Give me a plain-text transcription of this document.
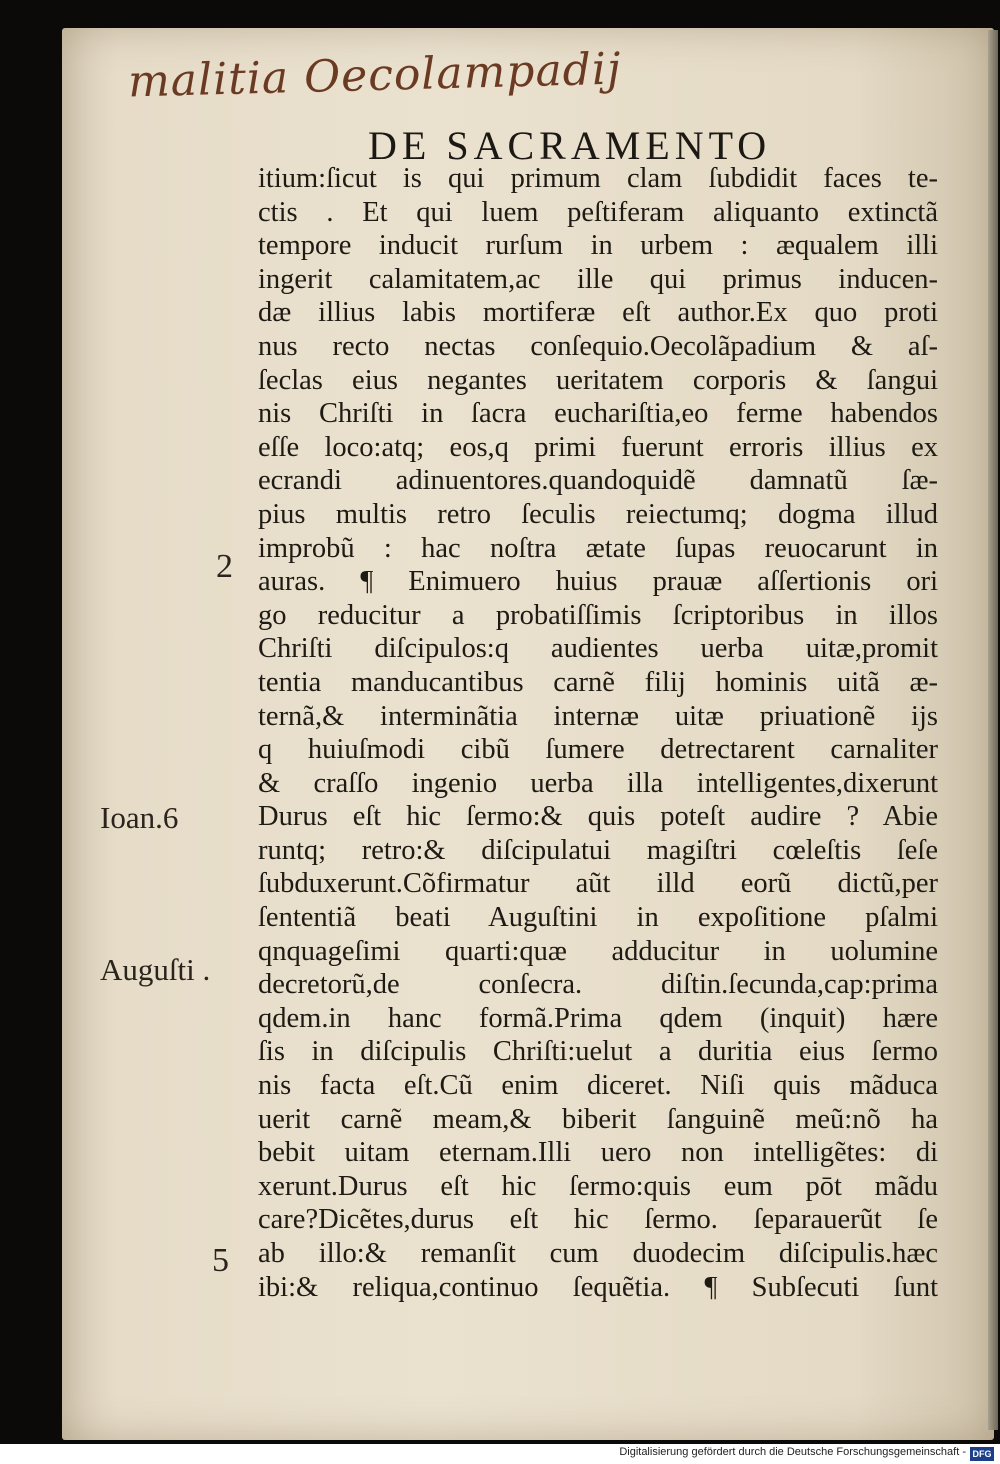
malitia Oecolampadij
DE SACRAMENTO
itium:ſicut is qui primum clam ſubdidit faces te-
ctis . Et qui luem peſtiferam aliquanto extinctã
tempore inducit rurſum in urbem : æqualem illi
ingerit calamitatem,ac ille qui primus inducen-
dæ illius labis mortiferæ eſt author.Ex quo proti
nus recto nectas conſequio.Oecolãpadium & aſ-
ſeclas eius negantes ueritatem corporis & ſangui
nis Chriſti in ſacra euchariſtia,eo ferme habendos
eſſe loco:atq; eos,q primi fuerunt erroris illius ex
ecrandi adinuentores.quandoquidẽ damnatũ ſæ-
pius multis retro ſeculis reiectumq; dogma illud
improbũ : hac noſtra ætate ſupas reuocarunt in
auras. ¶ Enimuero huius prauæ aſſertionis ori
go reducitur a probatiſſimis ſcriptoribus in illos
Chriſti diſcipulos:q audientes uerba uitæ,promit
tentia manducantibus carnẽ filij hominis uitã æ-
ternã,& interminãtia internæ uitæ priuationẽ ijs
q huiuſmodi cibũ ſumere detrectarent carnaliter
& craſſo ingenio uerba illa intelligentes,dixerunt
Durus eſt hic ſermo:& quis poteſt audire ? Abie
runtq; retro:& diſcipulatui magiſtri cœleſtis ſeſe
ſubduxerunt.Cõfirmatur aũt illd eorũ dictũ,per
ſententiã beati Auguſtini in expoſitione pſalmi
qnquageſimi quarti:quæ adducitur in uolumine
decretorũ,de conſecra. diſtin.ſecunda,cap:prima
qdem.in hanc formã.Prima qdem (inquit) hære
ſis in diſcipulis Chriſti:uelut a duritia eius ſermo
nis facta eſt.Cũ enim diceret. Niſi quis mãduca
uerit carnẽ meam,& biberit ſanguinẽ meũ:nõ ha
bebit uitam eternam.Illi uero non intelligẽtes: di
xerunt.Durus eſt hic ſermo:quis eum pōt mãdu
care?Dicẽtes,durus eſt hic ſermo. ſeparauerũt ſe
ab illo:& remanſit cum duodecim diſcipulis.hæc
ibi:& reliqua,continuo ſequẽtia. ¶ Subſecuti ſunt
2
Ioan.6
Auguſti .
5
Digitalisierung gefördert durch die Deutsche Forschungsgemeinschaft - DFG
